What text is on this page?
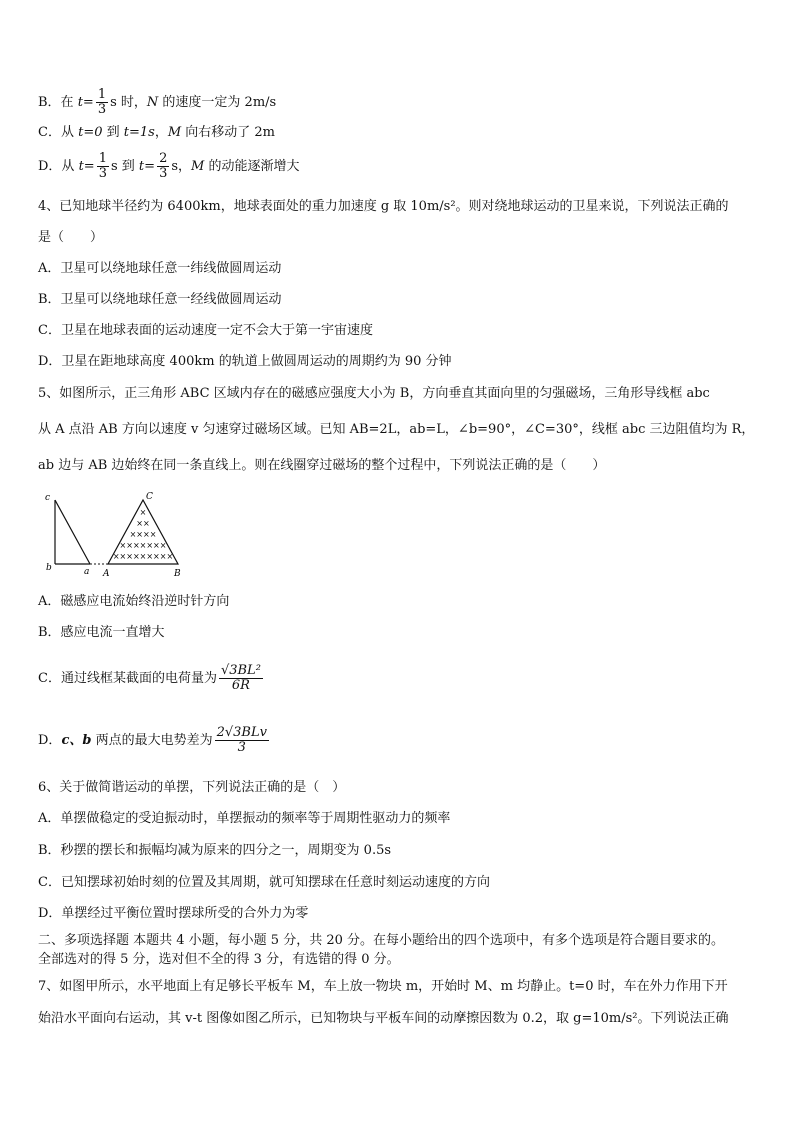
B．在 $t= \frac{1}{3}$ s 时，N 的速度一定为 2m/s
C．从 t=0 到 t=1s，M 向右移动了 2m
D．从 $t= \frac{1}{3}$ s 到 $t= \frac{2}{3}$ s，M 的动能逐渐增大
4、已知地球半径约为 6400km，地球表面处的重力加速度 g 取 10m/s²。则对绕地球运动的卫星来说，下列说法正确的
是（　　）
A．卫星可以绕地球任意一纬线做圆周运动
B．卫星可以绕地球任意一经线做圆周运动
C．卫星在地球表面的运动速度一定不会大于第一宇宙速度
D．卫星在距地球高度 400km 的轨道上做圆周运动的周期约为 90 分钟
5、如图所示，正三角形 ABC 区域内存在的磁感应强度大小为 B，方向垂直其面向里的匀强磁场，三角形导线框 abc
从 A 点沿 AB 方向以速度 v 匀速穿过磁场区域。已知 AB=2L，ab=L，∠b=90°，∠C=30°，线框 abc 三边阻值均为 R，
ab 边与 AB 边始终在同一条直线上。则在线圈穿过磁场的整个过程中，下列说法正确的是（　　）
c
b	a A	B
C
×
××
××××
×××××××
×××××××××
A．磁感应电流始终沿逆时针方向
B．感应电流一直增大
C．通过线框某截面的电荷量为 $\frac{\text{√3BL²}}{6R}$
D．c、b 两点的最大电势差为 $\frac{\text{2√3BLv}}{3}$
6、关于做简谐运动的单摆，下列说法正确的是（　）
A．单摆做稳定的受迫振动时，单摆振动的频率等于周期性驱动力的频率
B．秒摆的摆长和振幅均减为原来的四分之一，周期变为 0.5s
C．已知摆球初始时刻的位置及其周期，就可知摆球在任意时刻运动速度的方向
D．单摆经过平衡位置时摆球所受的合外力为零
二、多项选择题 本题共 4 小题，每小题 5 分，共 20 分。在每小题给出的四个选项中，有多个选项是符合题目要求的。
全部选对的得 5 分，选对但不全的得 3 分，有选错的得 0 分。
7、如图甲所示，水平地面上有足够长平板车 M，车上放一物块 m，开始时 M、m 均静止。t=0 时，车在外力作用下开
始沿水平面向右运动，其 v-t 图像如图乙所示，已知物块与平板车间的动摩擦因数为 0.2，取 g=10m/s²。下列说法正确
